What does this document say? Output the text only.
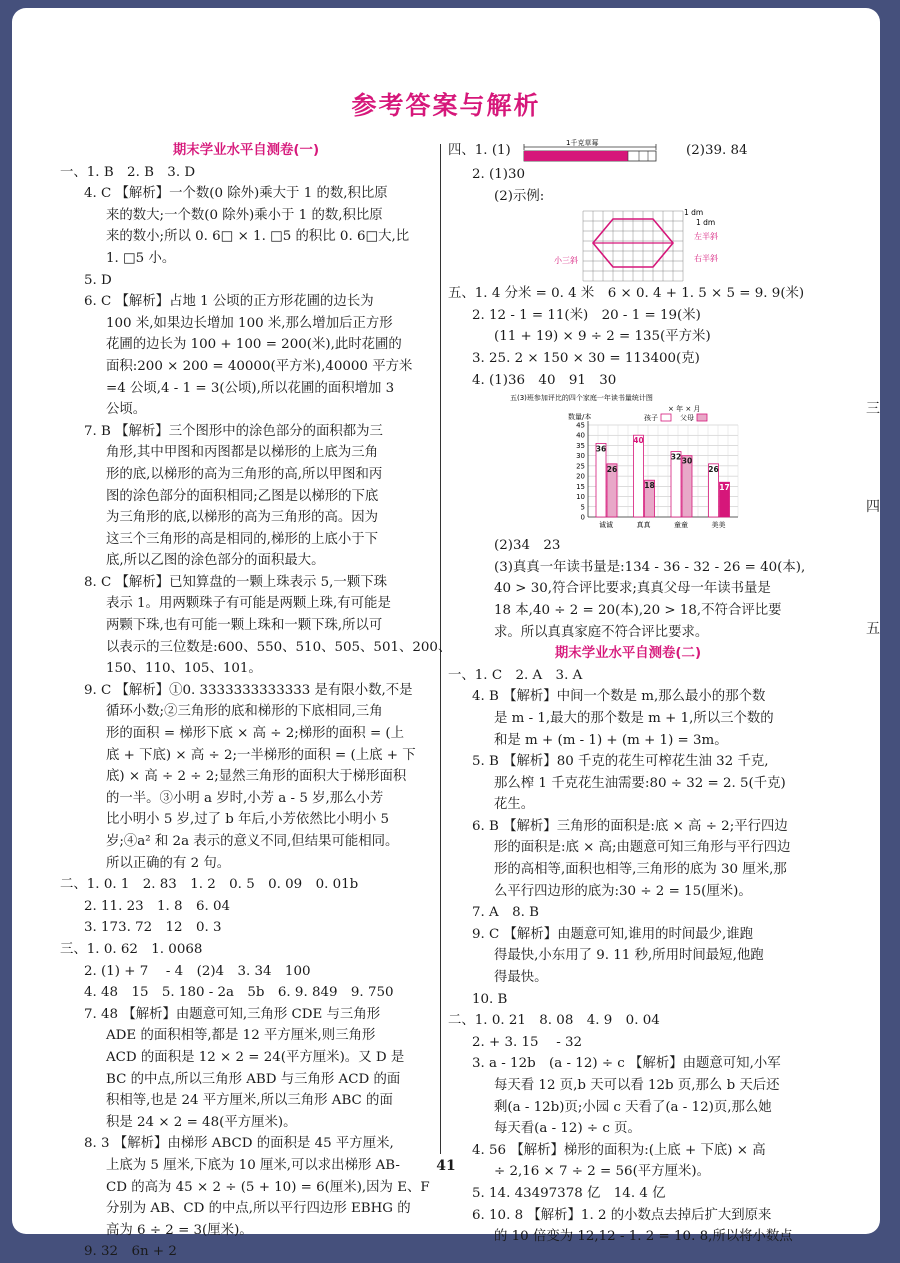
参考答案与解析
期末学业水平自测卷(一)
一、1. B　2. B　3. D
4. C 【解析】一个数(0 除外)乘大于 1 的数,积比原
来的数大;一个数(0 除外)乘小于 1 的数,积比原
来的数小;所以 0. 6□ × 1. □5 的积比 0. 6□大,比
1. □5 小。
5. D
6. C 【解析】占地 1 公顷的正方形花圃的边长为
100 米,如果边长增加 100 米,那么增加后正方形
花圃的边长为 100 + 100 = 200(米),此时花圃的
面积:200 × 200 = 40000(平方米),40000 平方米
=4 公顷,4 - 1 = 3(公顷),所以花圃的面积增加 3
公顷。
7. B 【解析】三个图形中的涂色部分的面积都为三
角形,其中甲图和丙图都是以梯形的上底为三角
形的底,以梯形的高为三角形的高,所以甲图和丙
图的涂色部分的面积相同;乙图是以梯形的下底
为三角形的底,以梯形的高为三角形的高。因为
这三个三角形的高是相同的,梯形的上底小于下
底,所以乙图的涂色部分的面积最大。
8. C 【解析】已知算盘的一颗上珠表示 5,一颗下珠
表示 1。用两颗珠子有可能是两颗上珠,有可能是
两颗下珠,也有可能一颗上珠和一颗下珠,所以可
以表示的三位数是:600、550、510、505、501、200、
150、110、105、101。
9. C 【解析】①0. 3333333333333 是有限小数,不是
循环小数;②三角形的底和梯形的下底相同,三角
形的面积 = 梯形下底 × 高 ÷ 2;梯形的面积 = (上
底 + 下底) × 高 ÷ 2;一半梯形的面积 = (上底 + 下
底) × 高 ÷ 2 ÷ 2;显然三角形的面积大于梯形面积
的一半。③小明 a 岁时,小芳 a - 5 岁,那么小芳
比小明小 5 岁,过了 b 年后,小芳依然比小明小 5
岁;④a² 和 2a 表示的意义不同,但结果可能相同。
所以正确的有 2 句。
二、1. 0. 1　2. 83　1. 2　0. 5　0. 09　0. 01b
2. 11. 23　1. 8　6. 04
3. 173. 72　12　0. 3
三、1. 0. 62　1. 0068
2. (1) + 7　 - 4　(2)4　3. 34　100
4. 48　15　5. 180 - 2a　5b　6. 9. 849　9. 750
7. 48 【解析】由题意可知,三角形 CDE 与三角形
ADE 的面积相等,都是 12 平方厘米,则三角形
ACD 的面积是 12 × 2 = 24(平方厘米)。又 D 是
BC 的中点,所以三角形 ABD 与三角形 ACD 的面
积相等,也是 24 平方厘米,所以三角形 ABC 的面
积是 24 × 2 = 48(平方厘米)。
8. 3 【解析】由梯形 ABCD 的面积是 45 平方厘米,
上底为 5 厘米,下底为 10 厘米,可以求出梯形 AB-
CD 的高为 45 × 2 ÷ (5 + 10) = 6(厘米),因为 E、F
分别为 AB、CD 的中点,所以平行四边形 EBHG 的
高为 6 ÷ 2 = 3(厘米)。
9. 32　6n + 2
四、1. (1)	1千克草莓	(2)39. 84
2. (1)30
(2)示例:
1 dm
1 dm
左半斜
右半斜
小三斜
五、1. 4 分米 = 0. 4 米　6 × 0. 4 + 1. 5 × 5 = 9. 9(米)
2. 12 - 1 = 11(米)　20 - 1 = 19(米)
(11 + 19) × 9 ÷ 2 = 135(平方米)
3. 25. 2 × 150 × 30 = 113400(克)
4. (1)36　40　91　30
五(3)班参加评比的四个家庭一年读书量统计图
× 年 × 月
数量/本	孩子	父母
36
26
40
18
32 30
26
17
0
5
10
15
20
25
30
35
40
45
诚诚	真真	童童	美美
(2)34　23
(3)真真一年读书量是:134 - 36 - 32 - 26 = 40(本),
40 > 30,符合评比要求;真真父母一年读书量是
18 本,40 ÷ 2 = 20(本),20 > 18,不符合评比要
求。所以真真家庭不符合评比要求。
期末学业水平自测卷(二)
一、1. C　2. A　3. A
4. B 【解析】中间一个数是 m,那么最小的那个数
是 m - 1,最大的那个数是 m + 1,所以三个数的
和是 m + (m - 1) + (m + 1) = 3m。
5. B 【解析】80 千克的花生可榨花生油 32 千克,
那么榨 1 千克花生油需要:80 ÷ 32 = 2. 5(千克)
花生。
6. B 【解析】三角形的面积是:底 × 高 ÷ 2;平行四边
形的面积是:底 × 高;由题意可知三角形与平行四边
形的高相等,面积也相等,三角形的底为 30 厘米,那
么平行四边形的底为:30 ÷ 2 = 15(厘米)。
7. A　8. B
9. C 【解析】由题意可知,谁用的时间最少,谁跑
得最快,小东用了 9. 11 秒,所用时间最短,他跑
得最快。
10. B
二、1. 0. 21　8. 08　4. 9　0. 04
2. + 3. 15　 - 32
3. a - 12b　(a - 12) ÷ c 【解析】由题意可知,小军
每天看 12 页,b 天可以看 12b 页,那么 b 天后还
剩(a - 12b)页;小园 c 天看了(a - 12)页,那么她
每天看(a - 12) ÷ c 页。
4. 56 【解析】梯形的面积为:(上底 + 下底) × 高
÷ 2,16 × 7 ÷ 2 = 56(平方厘米)。
5. 14. 43497378 亿　14. 4 亿
6. 10. 8 【解析】1. 2 的小数点去掉后扩大到原来
的 10 倍变为 12,12 - 1. 2 = 10. 8,所以将小数点
41
三
四
五
